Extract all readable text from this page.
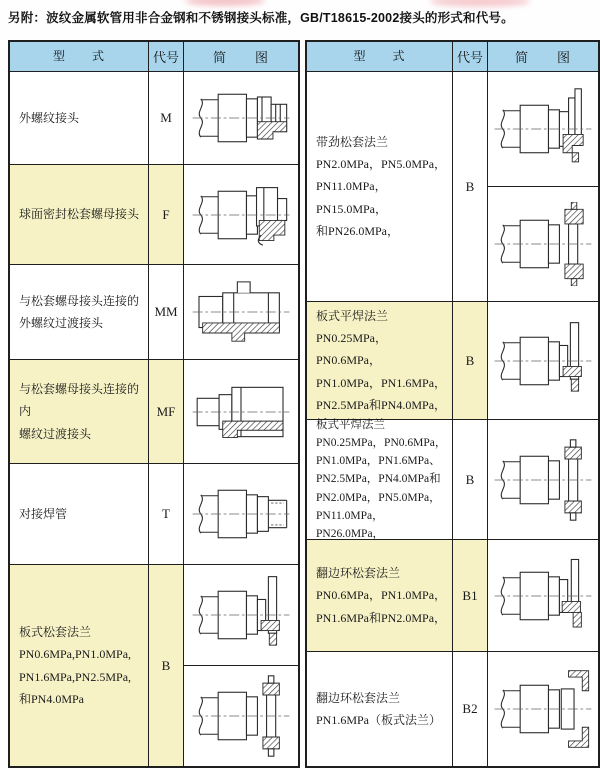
另附：波纹金属软管用非合金钢和不锈钢接头标准，GB/T18615-2002接头的形式和代号。
型　　式	代号	简　　图
外螺纹接头	M
球面密封松套螺母接头	F
与松套螺母接头连接的
外螺纹过渡接头
MM
与松套螺母接头连接的内
螺纹过渡接头
MF
对接焊管	T
板式松套法兰
PN0.6MPa,PN1.0MPa,
PN1.6MPa,PN2.5MPa,
和PN4.0MPa
B
型　　式	代号	简　　图
带劲松套法兰
PN2.0MPa，PN5.0MPa，
PN11.0MPa，PN15.0MPa，
和PN26.0MPa，
B
板式平焊法兰
PN0.25MPa，PN0.6MPa，
PN1.0MPa，PN1.6MPa，
PN2.5MPa和PN4.0MPa，
B
板式平焊法兰
PN0.25MPa，PN0.6MPa，
PN1.0MPa，PN1.6MPa、
PN2.5MPa，PN4.0MPa和
PN2.0MPa，PN5.0MPa，
PN11.0MPa，PN26.0MPa，
B
翻边环松套法兰
PN0.6MPa，PN1.0MPa，
PN1.6MPa和PN2.0MPa，
B1
翻边环松套法兰
PN1.6MPa（板式法兰）
B2
